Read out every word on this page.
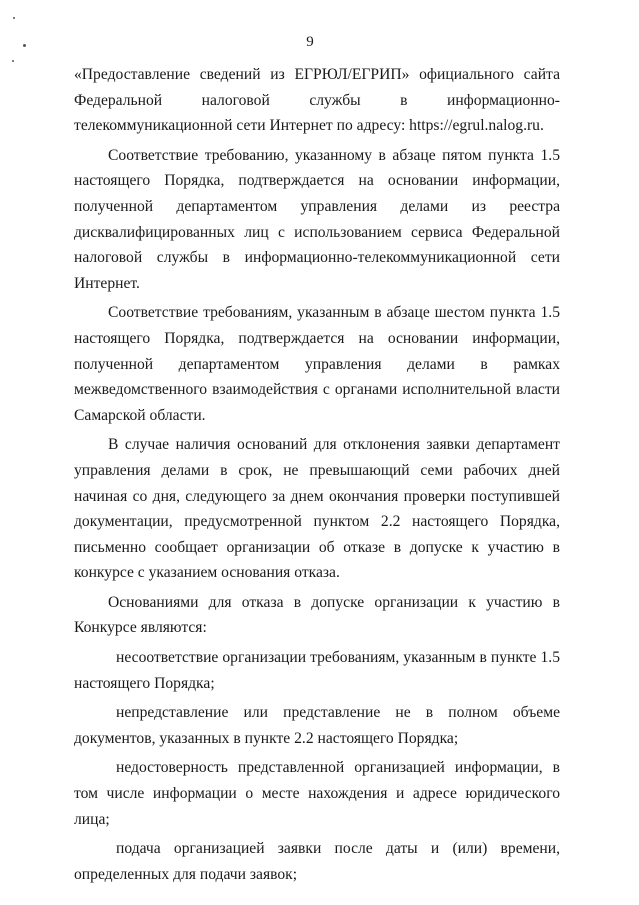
9

«Предоставление сведений из ЕГРЮЛ/ЕГРИП» официального сайта Федеральной налоговой службы в информационно-телекоммуникационной сети Интернет по адресу: https://egrul.nalog.ru.

Соответствие требованию, указанному в абзаце пятом пункта 1.5 настоящего Порядка, подтверждается на основании информации, полученной департаментом управления делами из реестра дисквалифицированных лиц с использованием сервиса Федеральной налоговой службы в информационно-телекоммуникационной сети Интернет.

Соответствие требованиям, указанным в абзаце шестом пункта 1.5 настоящего Порядка, подтверждается на основании информации, полученной департаментом управления делами в рамках межведомственного взаимодействия с органами исполнительной власти Самарской области.

В случае наличия оснований для отклонения заявки департамент управления делами в срок, не превышающий семи рабочих дней начиная со дня, следующего за днем окончания проверки поступившей документации, предусмотренной пунктом 2.2 настоящего Порядка, письменно сообщает организации об отказе в допуске к участию в конкурсе с указанием основания отказа.

Основаниями для отказа в допуске организации к участию в Конкурсе являются:

несоответствие организации требованиям, указанным в пункте 1.5 настоящего Порядка;

непредставление или представление не в полном объеме документов, указанных в пункте 2.2 настоящего Порядка;

недостоверность представленной организацией информации, в том числе информации о месте нахождения и адресе юридического лица;

подача организацией заявки после даты и (или) времени, определенных для подачи заявок;
